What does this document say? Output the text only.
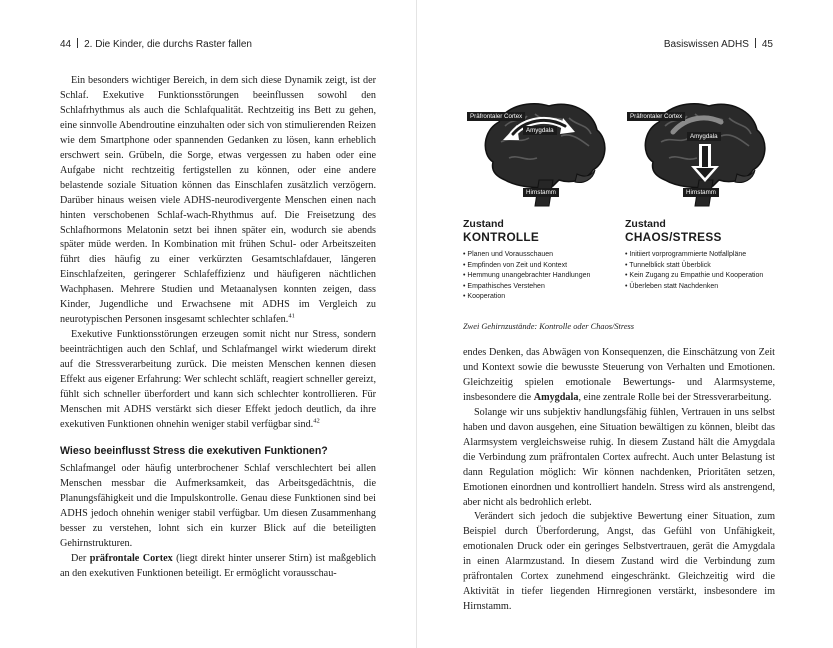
44 2. Die Kinder, die durchs Raster fallen

Ein besonders wichtiger Bereich, in dem sich diese Dynamik zeigt, ist der Schlaf. Exekutive Funktionsstörungen beeinflussen sowohl den Schlafrhythmus als auch die Schlafqualität. Rechtzeitig ins Bett zu gehen, eine sinnvolle Abendroutine einzuhalten oder sich von stimulierenden Reizen wie dem Smartphone oder spannenden Gedanken zu lösen, kann erheblich erschwert sein. Grübeln, die Sorge, etwas vergessen zu haben oder eine Aufgabe nicht rechtzeitig fertigstellen zu können, oder eine andere belastende soziale Situation können das Einschlafen zusätzlich verzögern. Darüber hinaus weisen viele ADHS-neurodivergente Menschen einen nach hinten verschobenen Schlaf-wach-Rhythmus auf. Die Freisetzung des Schlafhormons Melatonin setzt bei ihnen später ein, wodurch sie abends später müde werden. In Kombination mit frühen Schul- oder Arbeitszeiten führt dies häufig zu einer verkürzten Gesamtschlafdauer, längeren Einschlafzeiten, geringerer Schlafeffizienz und häufigeren nächtlichen Wachphasen. Mehrere Studien und Metaanalysen konnten zeigen, dass Kinder, Jugendliche und Erwachsene mit ADHS im Vergleich zu neurotypischen Personen insgesamt schlechter schlafen.$^{41}$

Exekutive Funktionsstörungen erzeugen somit nicht nur Stress, sondern beeinträchtigen auch den Schlaf, und Schlafmangel wirkt wiederum direkt auf die Stressverarbeitung zurück. Die meisten Menschen kennen diesen Effekt aus eigener Erfahrung: Wer schlecht schläft, reagiert schneller gereizt, fühlt sich schneller überfordert und kann sich schlechter kontrollieren. Für Menschen mit ADHS verstärkt sich dieser Effekt jedoch deutlich, da ihre exekutiven Funktionen ohnehin weniger stabil verfügbar sind.$^{42}$

Wieso beeinflusst Stress die exekutiven Funktionen?

Schlafmangel oder häufig unterbrochener Schlaf verschlechtert bei allen Menschen messbar die Aufmerksamkeit, das Arbeitsgedächtnis, die Planungsfähigkeit und die Impulskontrolle. Genau diese Funktionen sind bei ADHS jedoch ohnehin weniger stabil verfügbar. Um diesen Zusammenhang besser zu verstehen, lohnt sich ein kurzer Blick auf die beteiligten Gehirnstrukturen.

Der präfrontale Cortex (liegt direkt hinter unserer Stirn) ist maßgeblich an den exekutiven Funktionen beteiligt. Er ermöglicht vorausschau-

Basiswissen ADHS 45
Präfrontaler Cortex
Amygdala
Hirnstamm
Präfrontaler Cortex
Amygdala
Hirnstamm
Zustand
KONTROLLE
• Planen und Vorausschauen
• Empfinden von Zeit und Kontext
• Hemmung unangebrachter Handlungen
• Empathisches Verstehen
• Kooperation
Zustand
CHAOS/STRESS
• Initiiert vorprogrammierte Notfallpläne
• Tunnelblick statt Überblick
• Kein Zugang zu Empathie und Kooperation
• Überleben statt Nachdenken
Zwei Gehirnzustände: Kontrolle oder Chaos/Stress

endes Denken, das Abwägen von Konsequenzen, die Einschätzung von Zeit und Kontext sowie die bewusste Steuerung von Verhalten und Emotionen. Gleichzeitig spielen emotionale Bewertungs- und Alarmsysteme, insbesondere die Amygdala, eine zentrale Rolle bei der Stressverarbeitung.

Solange wir uns subjektiv handlungsfähig fühlen, Vertrauen in uns selbst haben und davon ausgehen, eine Situation bewältigen zu können, bleibt das Alarmsystem vergleichsweise ruhig. In diesem Zustand hält die Amygdala die Verbindung zum präfrontalen Cortex aufrecht. Auch unter Belastung ist dann Regulation möglich: Wir können nachdenken, Prioritäten setzen, Emotionen einordnen und kontrolliert handeln. Stress wird als anstrengend, aber nicht als bedrohlich erlebt.

Verändert sich jedoch die subjektive Bewertung einer Situation, zum Beispiel durch Überforderung, Angst, das Gefühl von Unfähigkeit, emotionalen Druck oder ein geringes Selbstvertrauen, gerät die Amygdala in einen Alarmzustand. In diesem Zustand wird die Verbindung zum präfrontalen Cortex zunehmend eingeschränkt. Gleichzeitig wird die Aktivität in tiefer liegenden Hirnregionen verstärkt, insbesondere im Hirnstamm.
